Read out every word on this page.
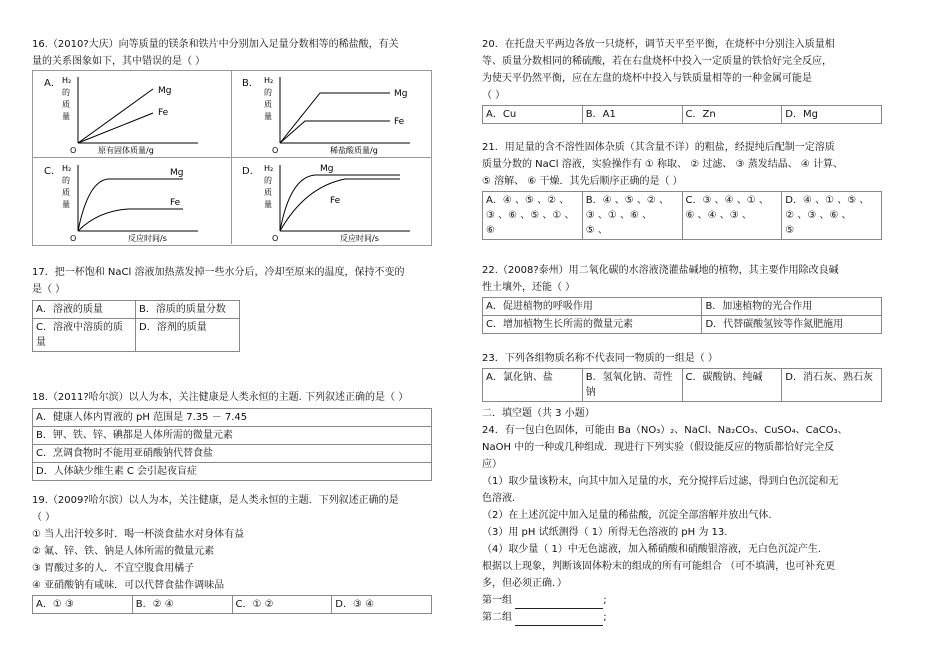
16.（2010?大庆）向等质量的镁条和铁片中分别加入足量分数相等的稀盐酸，有关

量的关系图象如下，其中错误的是（ ）

A．	B．
C．	D．
H₂
的
质
量
Mg
Fe
O	原有固体质量/g
H₂
的
质
量
Mg
Fe
O	稀盐酸质量/g
H₂
的
质
量
Mg
Fe
O	反应时间/s
H₂
的
质
量
Mg
Fe
O	反应时间/s

17．把一杯饱和 NaCl 溶液加热蒸发掉一些水分后，冷却至原来的温度，保持不变的

是（ ）

A．溶液的质量	B．溶质的质量分数
C．溶液中溶质的质量	D．溶剂的质量

18.（2011?哈尔滨）以人为本，关注健康是人类永恒的主题. 下列叙述正确的是（ ）

A．健康人体内胃液的 pH 范围是 7.35 － 7.45
B．钾、铁、锌、碘都是人体所需的微量元素
C．烹调食物时不能用亚硝酸钠代替食盐
D．人体缺少维生素 C 会引起夜盲症

19.（2009?哈尔滨）以人为本，关注健康，是人类永恒的主题．下列叙述正确的是

（ ）

① 当人出汗较多时．喝一杯淡食盐水对身体有益

② 氟、锌、铁、钠是人体所需的微量元素

③ 胃酸过多的人．不宜空腹食用橘子

④ 亚硝酸钠有咸味．可以代替食盐作调味品

A．① ③	B．② ④	C．① ②	D．③ ④

20．在托盘天平两边各放一只烧杯，调节天平至平衡，在烧杯中分别注入质量相

等、质量分数相同的稀硫酸，若在右盘烧杯中投入一定质量的铁恰好完全反应，

为使天平仍然平衡，应在左盘的烧杯中投入与铁质量相等的一种金属可能是

（ ）

A．Cu	B．A1	C．Zn	D．Mg

21．用足量的含不溶性固体杂质（其含量不详）的粗盐，经提纯后配制一定溶质

质量分数的 NaCl 溶液，实验操作有 ① 称取、 ② 过滤、 ③ 蒸发结晶、 ④ 计算、

⑤ 溶解、 ⑥ 干燥．其先后顺序正确的是（ ）

A．④ 、⑤ 、② 、
③ 、⑥ 、⑤ 、① 、
⑥

B．④ 、⑤ 、② 、
③ 、① 、⑥ 、
⑤ 、

C．③ 、④ 、① 、
⑥ 、④ 、③ 、

D．④ 、① 、⑤ 、
② 、③ 、⑥ 、
⑤

22.（2008?泰州）用二氧化碳的水溶液浇灌盐碱地的植物，其主要作用除改良碱

性土壤外，还能（ ）

A．促进植物的呼吸作用	B．加速植物的光合作用
C．增加植物生长所需的微量元素	D．代替碳酸氢铵等作氮肥施用

23．下列各组物质名称不代表同一物质的一组是（ ）

A．氯化钠、盐	B．氢氧化钠、苛性钠	C．碳酸钠、纯碱	D．消石灰、熟石灰

二．填空题（共 3 小题）

24．有一包白色固体，可能由 Ba（NO₃）₂、NaCl、Na₂CO₃、CuSO₄、CaCO₃、

NaOH 中的一种或几种组成．现进行下列实验（假设能反应的物质都恰好完全反

应）

（1）取少量该粉末，向其中加入足量的水，充分搅拌后过滤，得到白色沉淀和无

色溶液.

（2）在上述沉淀中加入足量的稀盐酸，沉淀全部溶解并放出气体.

（3）用 pH 试纸测得（ 1）所得无色溶液的 pH 为 13.

（4）取少量（ 1）中无色滤液，加入稀硝酸和硝酸银溶液，无白色沉淀产生.

根据以上现象，判断该固体粉末的组成的所有可能组合 （可不填满，也可补充更

多，但必须正确．）

第一组	;

第二组	;
